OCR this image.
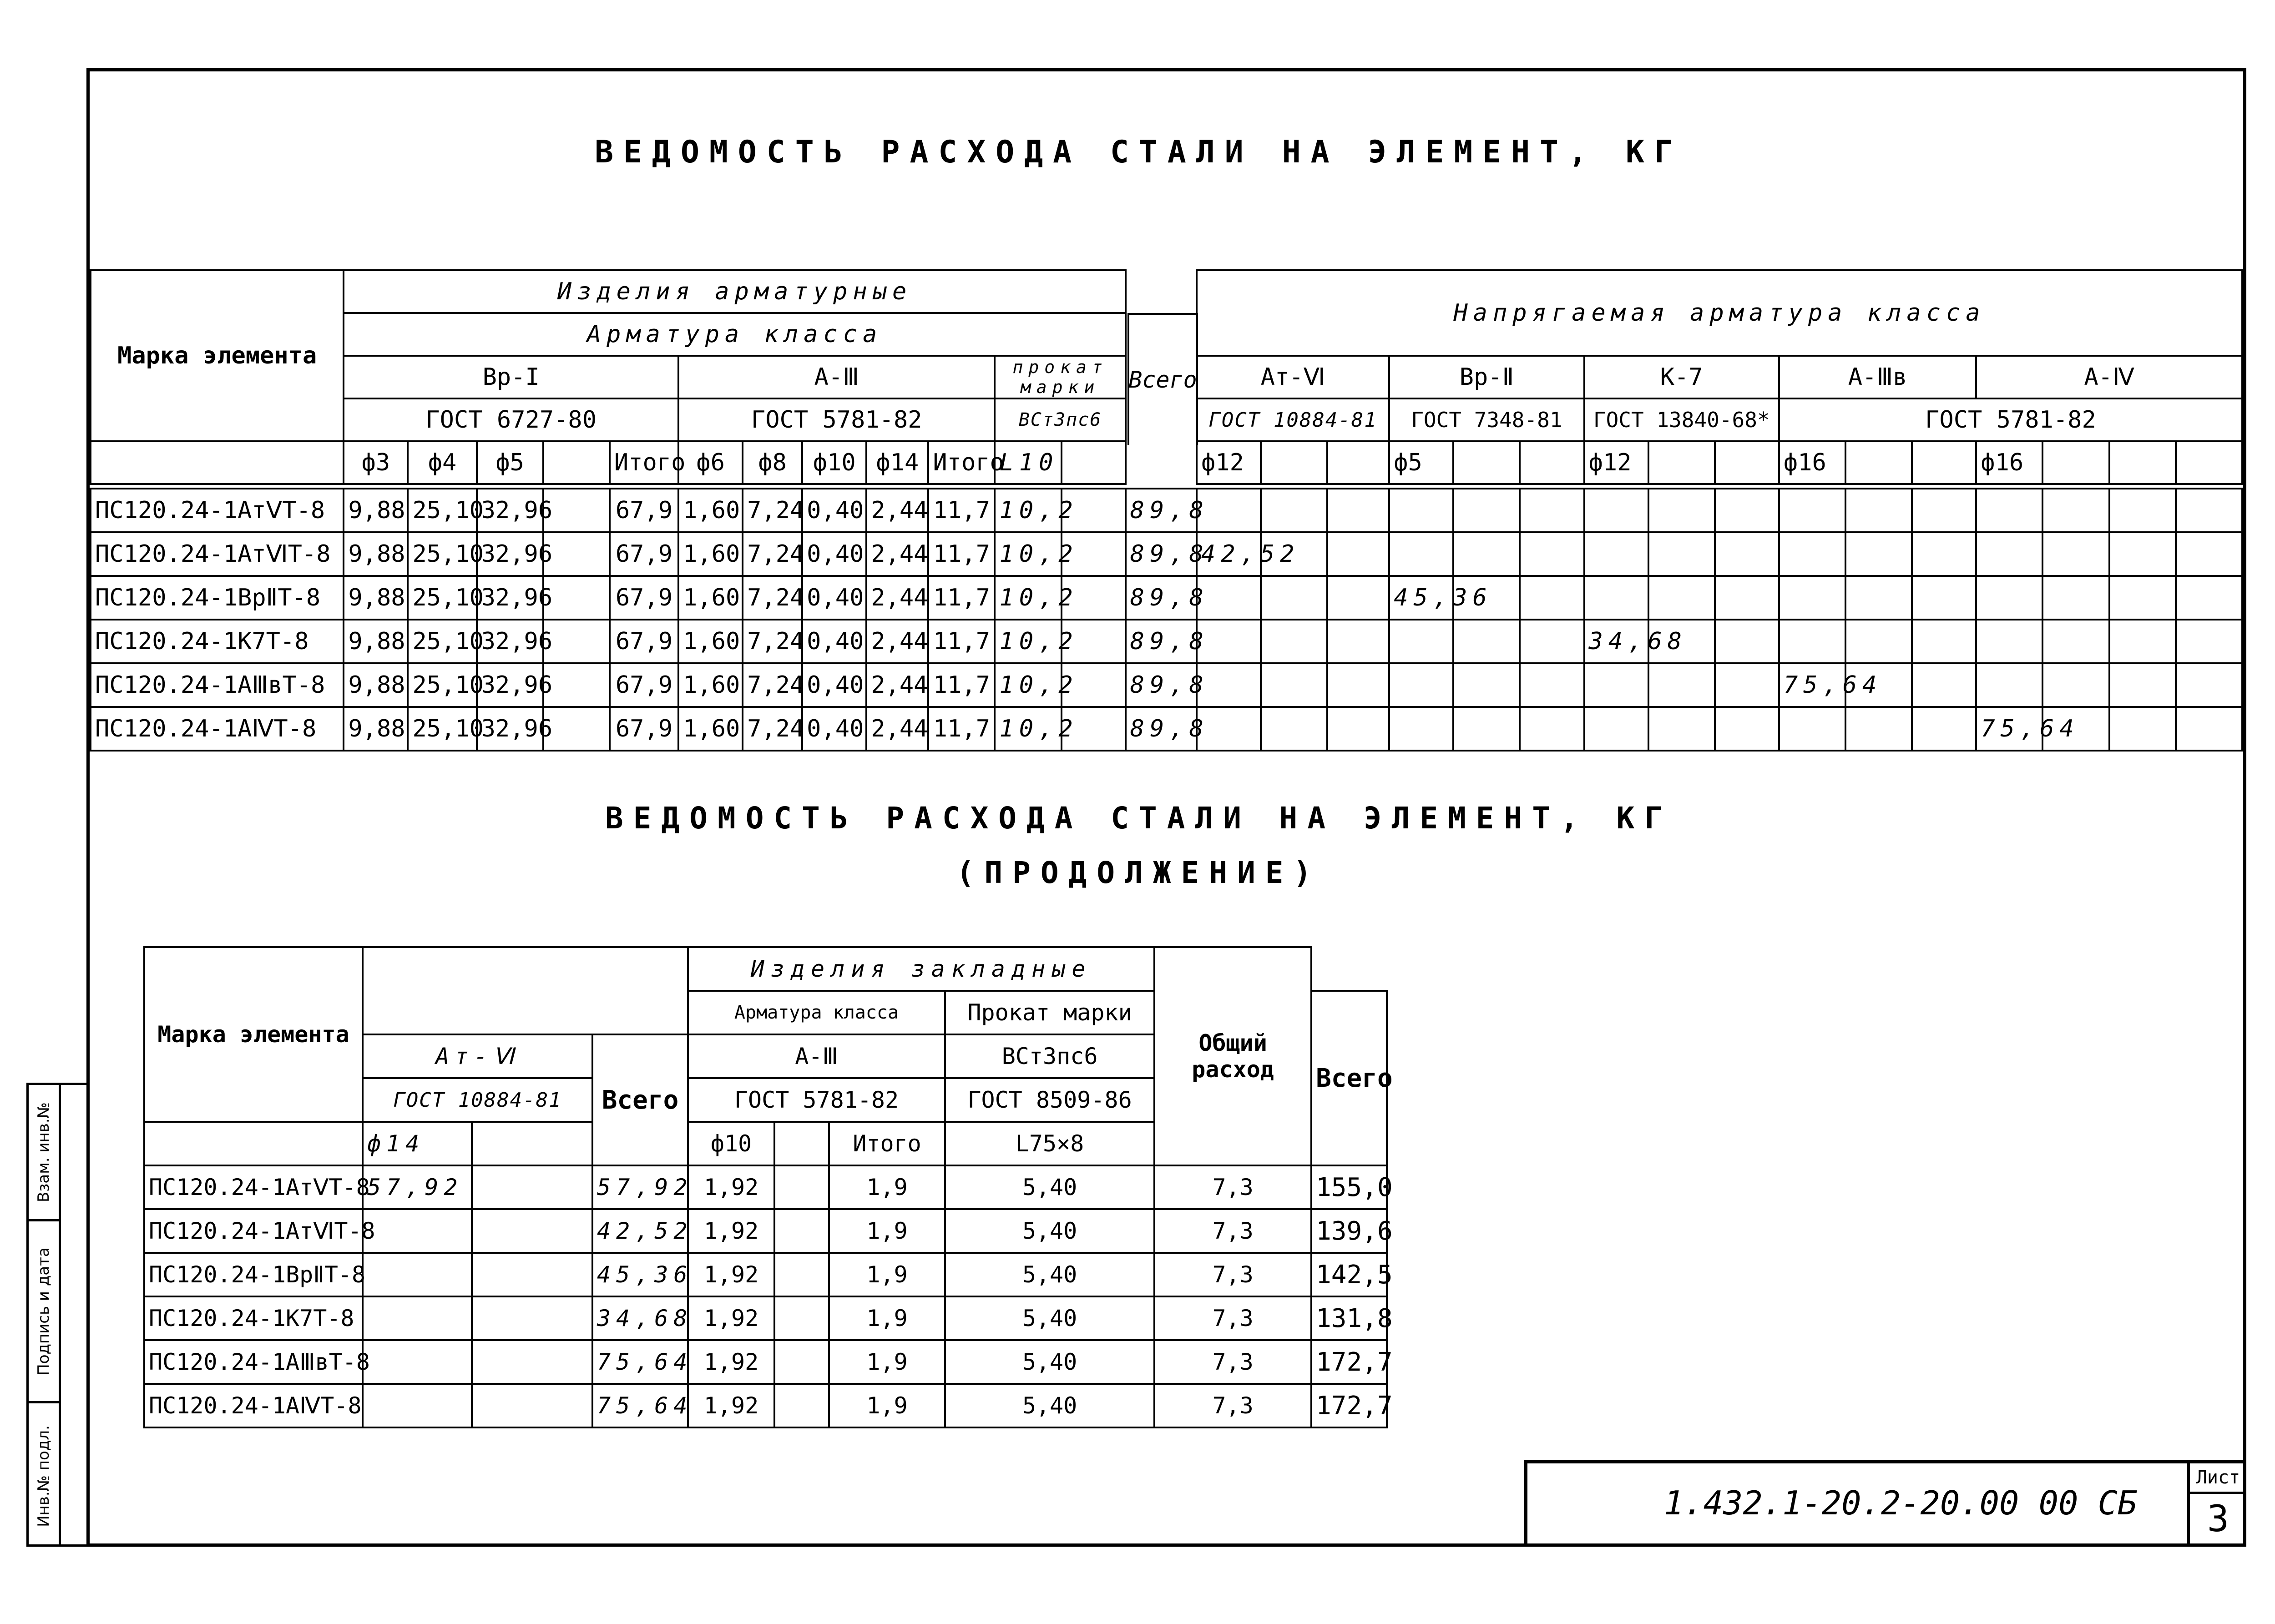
ВЕДОМОСТЬ РАСХОДА СТАЛИ НА ЭЛЕМЕНТ, КГ
Марка элемента	Изделия арматурные													Напрягаемая арматура класса															
	Арматура класса																												
	Вр-I					А-Ⅲ					прокат марки			Ат-Ⅵ			Вр-Ⅱ			К-7			А-Ⅲв			А-Ⅳ			
	ГОСТ 6727-80					ГОСТ 5781-82					ВСт3пс6			ГОСТ 10884-81			ГОСТ 7348-81			ГОСТ 13840-68*			ГОСТ 5781-82						
	ф3	ф4	ф5		Итого	ф6	ф8	ф10	ф14	Итого	L10			ф12			ф5			ф12			ф16			ф16			
Всего
ПС120.24-1АтⅤТ-8	9,88	25,10	32,96		67,9	1,60	7,24	0,40	2,44	11,7	10,2		89,8																
ПС120.24-1АтⅥТ-8	9,88	25,10	32,96		67,9	1,60	7,24	0,40	2,44	11,7	10,2		89,8	42,52															
ПС120.24-1ВрⅡТ-8	9,88	25,10	32,96		67,9	1,60	7,24	0,40	2,44	11,7	10,2		89,8				45,36												
ПС120.24-1К7Т-8	9,88	25,10	32,96		67,9	1,60	7,24	0,40	2,44	11,7	10,2		89,8							34,68									
ПС120.24-1АⅢвТ-8	9,88	25,10	32,96		67,9	1,60	7,24	0,40	2,44	11,7	10,2		89,8										75,64						
ПС120.24-1АⅣТ-8	9,88	25,10	32,96		67,9	1,60	7,24	0,40	2,44	11,7	10,2		89,8													75,64			
ВЕДОМОСТЬ РАСХОДА СТАЛИ НА ЭЛЕМЕНТ, КГ
(ПРОДОЛЖЕНИЕ)
Марка элемента				Изделия закладные				Общий расход	
				Арматура класса			Прокат марки		Всего
	Ат-Ⅵ		Всего	А-Ⅲ			ВСт3пс6		
	ГОСТ 10884-81			ГОСТ 5781-82			ГОСТ 8509-86		
	ф14			ф10		Итого	L75×8		
ПС120.24-1АтⅤТ-8	57,92		57,92	1,92		1,9	5,40	7,3	155,0
ПС120.24-1АтⅥТ-8			42,52	1,92		1,9	5,40	7,3	139,6
ПС120.24-1ВрⅡТ-8			45,36	1,92		1,9	5,40	7,3	142,5
ПС120.24-1К7Т-8			34,68	1,92		1,9	5,40	7,3	131,8
ПС120.24-1АⅢвТ-8			75,64	1,92		1,9	5,40	7,3	172,7
ПС120.24-1АⅣТ-8			75,64	1,92		1,9	5,40	7,3	172,7
1.432.1-20.2-20.00 00 СБ
Лист
3
Взам. инв.№
Подпись и дата
Инв.№ подл.
